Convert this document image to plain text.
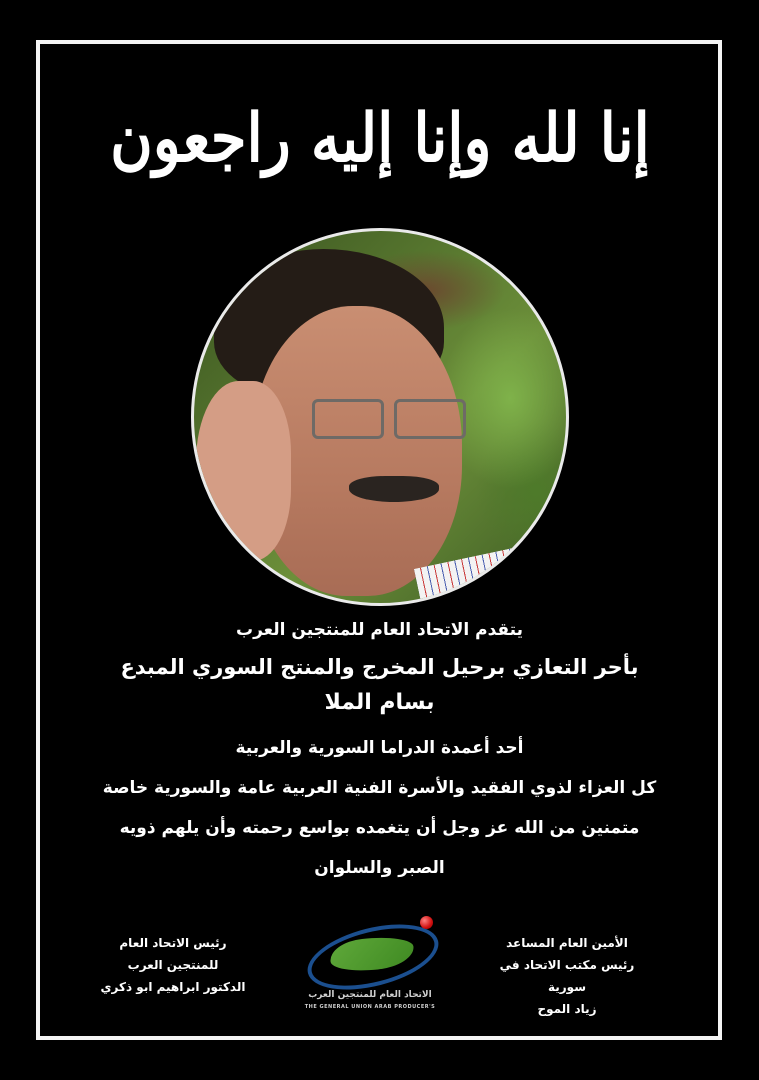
إنا لله وإنا إليه راجعون
يتقدم الاتحاد العام للمنتجين العرب
بأحر التعازي برحيل المخرج والمنتج السوري المبدع
بسام الملا
أحد أعمدة الدراما السورية والعربية
كل العزاء لذوي الفقيد والأسرة الفنية العربية عامة والسورية خاصة
متمنين من الله عز وجل أن يتغمده بواسع رحمته وأن يلهم ذويه
الصبر والسلوان
الأمين العام المساعد
رئيس مكتب الاتحاد في سورية
زياد الموح
الاتحاد العام للمنتجين العرب
THE GENERAL UNION ARAB PRODUCER'S
رئيس الاتحاد العام
للمنتجين العرب
الدكتور ابراهيم ابو ذكري
